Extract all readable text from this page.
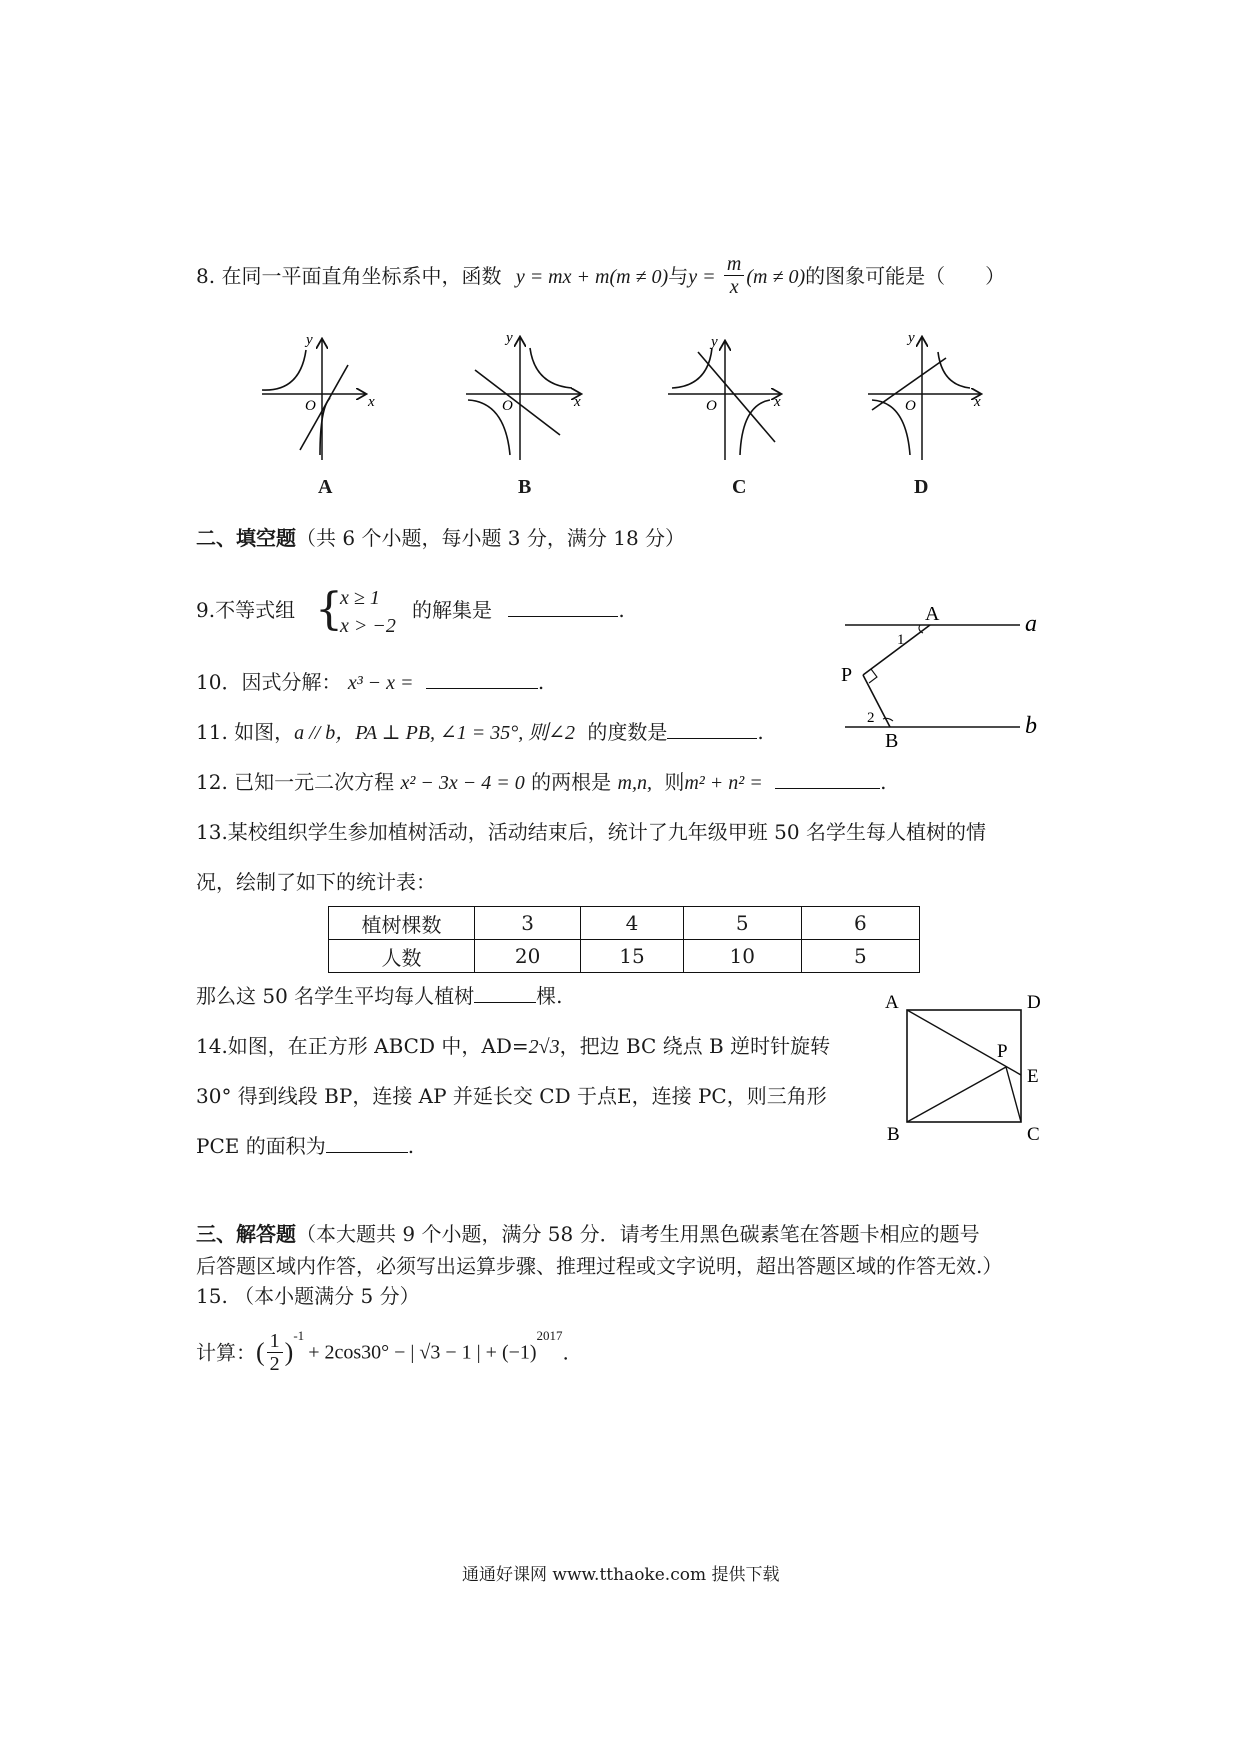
8. 在同一平面直角坐标系中，函数 y = mx + m(m ≠ 0)与$y = \frac{m}{x} (m \ne 0)$的图象可能是（　　）
O	x
y
O	x
y
O	x
y
O	x
y
A	B	C	D
二、填空题（共 6 个小题，每小题 3 分，满分 18 分）
9.不等式组 {
x ≥ 1
x > −2
的解集是	.
10．因式分解： x³ − x =	.
11. 如图，a // b，PA ⊥ PB, ∠1 = 35°, 则∠2 的度数是	.
A
B
P
a
b
1
2
12. 已知一元二次方程 x² − 3x − 4 = 0 的两根是 m,n, 则m² + n² =	.
13.某校组织学生参加植树活动，活动结束后，统计了九年级甲班 50 名学生每人植树的情
况，绘制了如下的统计表：
植树棵数	3	4	5	6
人数	20	15	10	5
那么这 50 名学生平均每人植树	棵.
14.如图，在正方形 ABCD 中，AD=2√3，把边 BC 绕点 B 逆时针旋转
30° 得到线段 BP，连接 AP 并延长交 CD 于点E，连接 PC，则三角形
PCE 的面积为	.
A	D
B	C
P
E
三、解答题（本大题共 9 个小题，满分 58 分．请考生用黑色碳素笔在答题卡相应的题号
后答题区域内作答，必须写出运算步骤、推理过程或文字说明，超出答题区域的作答无效.）
15. （本小题满分 5 分）
计算：( $\frac{1}{2} )^{-1}+ 2\cos 30^\circ$ − | √3 − 1 | + $(-1)^{2017}$.
通通好课网 www.tthaoke.com 提供下载
